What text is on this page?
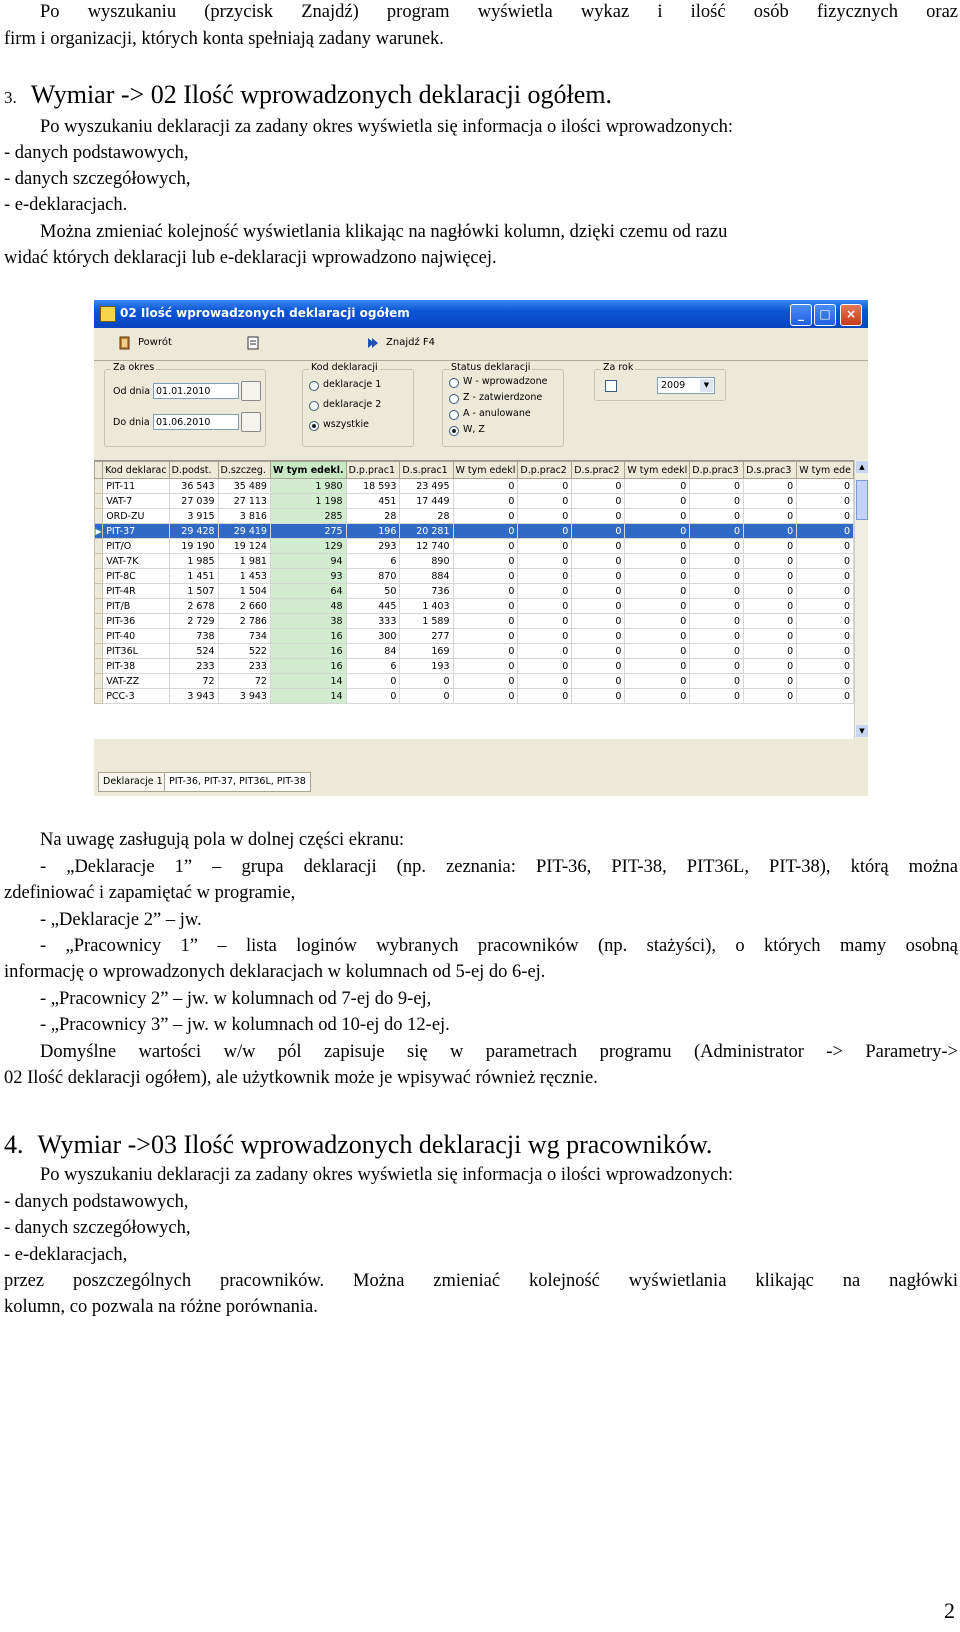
Po wyszukaniu (przycisk Znajdź) program wyświetla wykaz i ilość osób fizycznych oraz
firm i organizacji, których konta spełniają zadany warunek.
3. Wymiar -> 02 Ilość wprowadzonych deklaracji ogółem.
Po wyszukaniu deklaracji za zadany okres wyświetla się informacja o ilości wprowadzonych:
- danych podstawowych,
- danych szczegółowych,
- e-deklaracjach.
Można zmieniać kolejność wyświetlania klikając na nagłówki kolumn, dzięki czemu od razu
widać których deklaracji lub e-deklaracji wprowadzono najwięcej.
02 Ilość wprowadzonych deklaracji ogółem	_	□	×
Powrót	Znajdź F4
Za okres
Od dnia 01.01.2010
Do dnia 01.06.2010
Kod deklaracji
deklaracje 1
deklaracje 2
wszystkie
Status deklaracji
W - wprowadzone
Z - zatwierdzone
A - anulowane
W, Z
Za rok
2009	▼
	Kod deklarac	D.podst.	D.szczeg.	W tym edekl.	D.p.prac1	D.s.prac1	W tym edekl	D.p.prac2	D.s.prac2	W tym edekl	D.p.prac3	D.s.prac3	W tym ede
	PIT-11	36 543	35 489	1 980	18 593	23 495	0	0	0	0	0	0	0
	VAT-7	27 039	27 113	1 198	451	17 449	0	0	0	0	0	0	0
	ORD-ZU	3 915	3 816	285	28	28	0	0	0	0	0	0	0
▶	PIT-37	29 428	29 419	275	196	20 281	0	0	0	0	0	0	0
	PIT/O	19 190	19 124	129	293	12 740	0	0	0	0	0	0	0
	VAT-7K	1 985	1 981	94	6	890	0	0	0	0	0	0	0
	PIT-8C	1 451	1 453	93	870	884	0	0	0	0	0	0	0
	PIT-4R	1 507	1 504	64	50	736	0	0	0	0	0	0	0
	PIT/B	2 678	2 660	48	445	1 403	0	0	0	0	0	0	0
	PIT-36	2 729	2 786	38	333	1 589	0	0	0	0	0	0	0
	PIT-40	738	734	16	300	277	0	0	0	0	0	0	0
	PIT36L	524	522	16	84	169	0	0	0	0	0	0	0
	PIT-38	233	233	16	6	193	0	0	0	0	0	0	0
	VAT-ZZ	72	72	14	0	0	0	0	0	0	0	0	0
	PCC-3	3 943	3 943	14	0	0	0	0	0	0	0	0	0
▲
▼
Deklaracje 1 PIT-36, PIT-37, PIT36L, PIT-38
Na uwagę zasługują pola w dolnej części ekranu:
- „Deklaracje 1” – grupa deklaracji (np. zeznania: PIT-36, PIT-38, PIT36L, PIT-38), którą można
zdefiniować i zapamiętać w programie,
- „Deklaracje 2” – jw.
- „Pracownicy 1” – lista loginów wybranych pracowników (np. stażyści), o których mamy osobną
informację o wprowadzonych deklaracjach w kolumnach od 5-ej do 6-ej.
- „Pracownicy 2” – jw. w kolumnach od 7-ej do 9-ej,
- „Pracownicy 3” – jw. w kolumnach od 10-ej do 12-ej.
Domyślne wartości w/w pól zapisuje się w parametrach programu (Administrator -> Parametry->
02 Ilość deklaracji ogółem), ale użytkownik może je wpisywać również ręcznie.
4. Wymiar ->03 Ilość wprowadzonych deklaracji wg pracowników.
Po wyszukaniu deklaracji za zadany okres wyświetla się informacja o ilości wprowadzonych:
- danych podstawowych,
- danych szczegółowych,
- e-deklaracjach,
przez poszczególnych pracowników. Można zmieniać kolejność wyświetlania klikając na nagłówki
kolumn, co pozwala na różne porównania.
2
